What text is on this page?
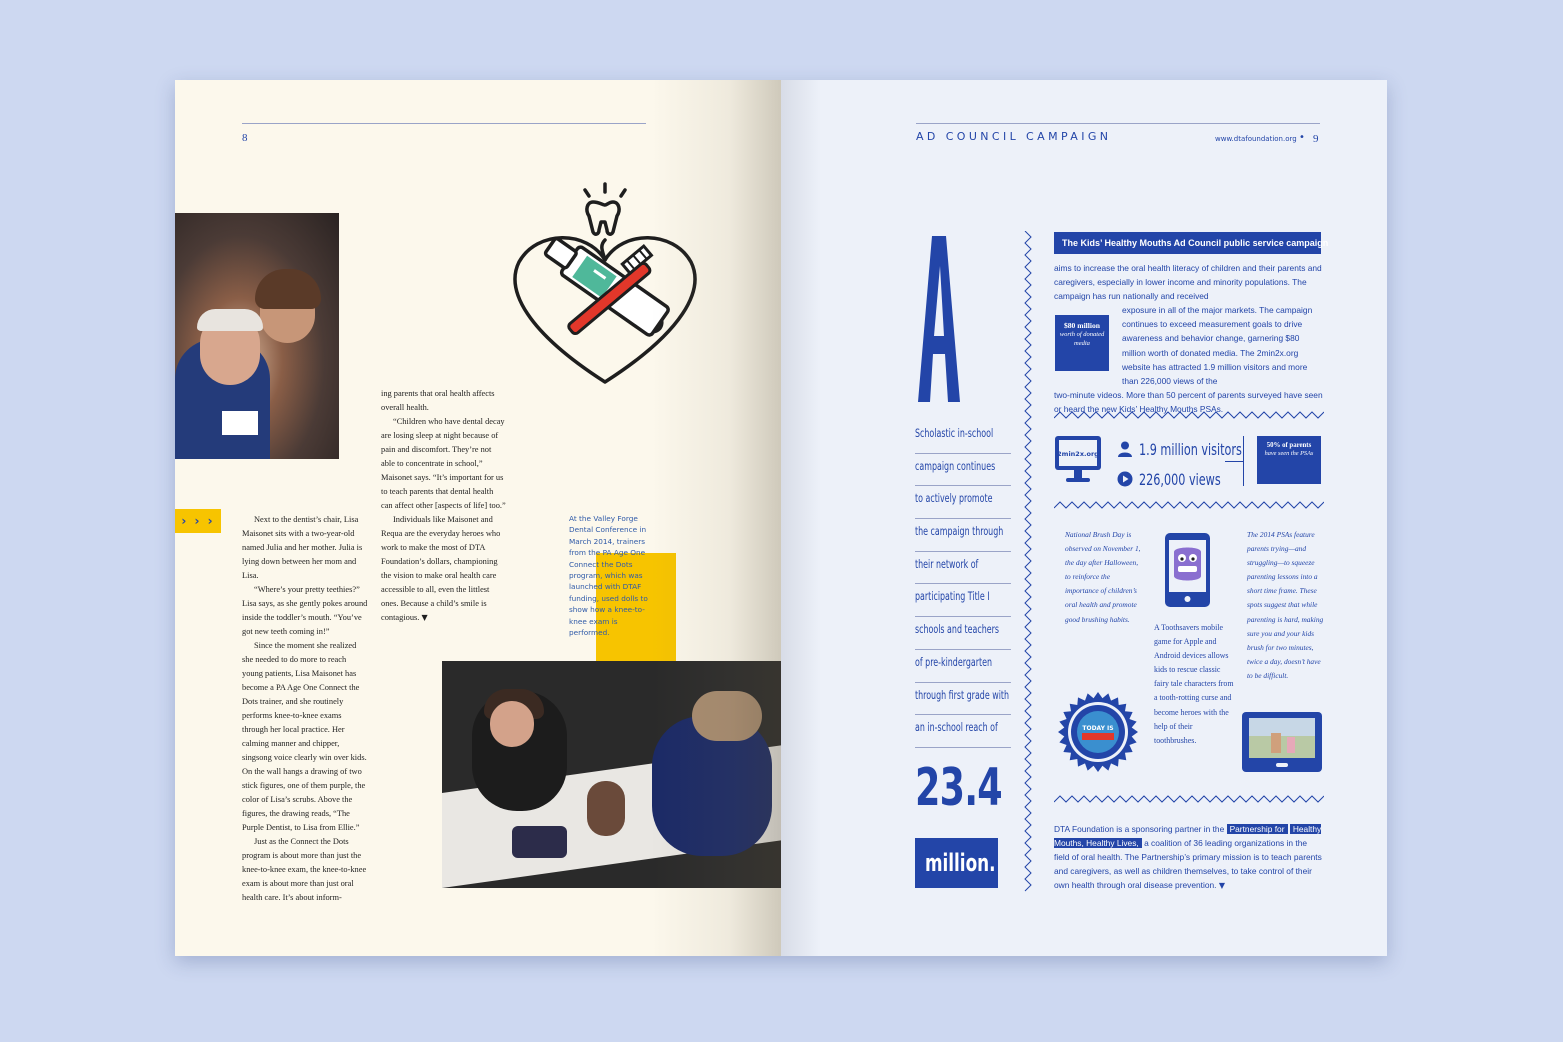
8
› › ›	Next to the dentist’s chair, Lisa Maisonet sits with a two-year-old named Julia and her mother. Julia is lying down between her mom and Lisa.

“Where’s your pretty teethies?” Lisa says, as she gently pokes around inside the toddler’s mouth. “You’ve got new teeth coming in!”

Since the moment she realized she needed to do more to reach young patients, Lisa Maisonet has become a PA Age One Connect the Dots trainer, and she routinely performs knee-to-knee exams through her local practice. Her calming manner and chipper, singsong voice clearly win over kids. On the wall hangs a drawing of two stick figures, one of them purple, the color of Lisa’s scrubs. Above the figures, the drawing reads, “The Purple Dentist, to Lisa from Ellie.”

Just as the Connect the Dots program is about more than just the knee-to-knee exam, the knee-to-knee exam is about more than just oral health care. It’s about inform-

ing parents that oral health affects overall health.

“Children who have dental decay are losing sleep at night because of pain and discomfort. They’re not able to concentrate in school,” Maisonet says. “It’s important for us to teach parents that dental health can affect other [aspects of life] too.”

Individuals like Maisonet and Requa are the everyday heroes who work to make the most of DTA Foundation’s dollars, championing the vision to make oral health care accessible to all, even the littlest ones. Because a child’s smile is contagious. ▼

At the Valley Forge Dental Conference in March 2014, trainers from the PA Age One Connect the Dots program, which was launched with DTAF funding, used dolls to show how a knee-to-knee exam is performed.
AD COUNCIL CAMPAIGN	www.dtafoundation.org • 9
Scholastic in-school
campaign continues
to actively promote
the campaign through
their network of
participating Title I
schools and teachers
of pre-kindergarten
through first grade with
an in-school reach of
23.4
million.
The Kids’ Healthy Mouths Ad Council public service campaign
aims to increase the oral health literacy of children and their parents and caregivers, especially in lower income and minority populations. The campaign has run nationally and received
exposure in all of the major markets. The campaign continues to exceed measurement goals to drive awareness and behavior change, garnering $80 million worth of donated media. The 2min2x.org website has attracted 1.9 million visitors and more than 226,000 views of the
two-minute videos. More than 50 percent of parents surveyed have seen or heard the new Kids’ Healthy Mouths PSAs.
$80 million
worth of donated media
2min2x.org	1.9 million visitors
226,000 views
50% of parents
have seen the PSAs
National Brush Day is observed on November 1, the day after Halloween, to reinforce the importance of children’s oral health and promote good brushing habits.
A Toothsavers mobile game for Apple and Android devices allows kids to rescue classic fairy tale characters from a tooth-rotting curse and become heroes with the help of their toothbrushes.
The 2014 PSAs feature parents trying—and struggling—to squeeze parenting lessons into a short time frame. These spots suggest that while parenting is hard, making sure you and your kids brush for two minutes, twice a day, doesn’t have to be difficult.
TODAY IS
DTA Foundation is a sponsoring partner in the Partnership for Healthy Mouths, Healthy Lives, a coalition of 36 leading organizations in the field of oral health. The Partnership’s primary mission is to teach parents and caregivers, as well as children themselves, to take control of their own health through oral disease prevention. ▼
